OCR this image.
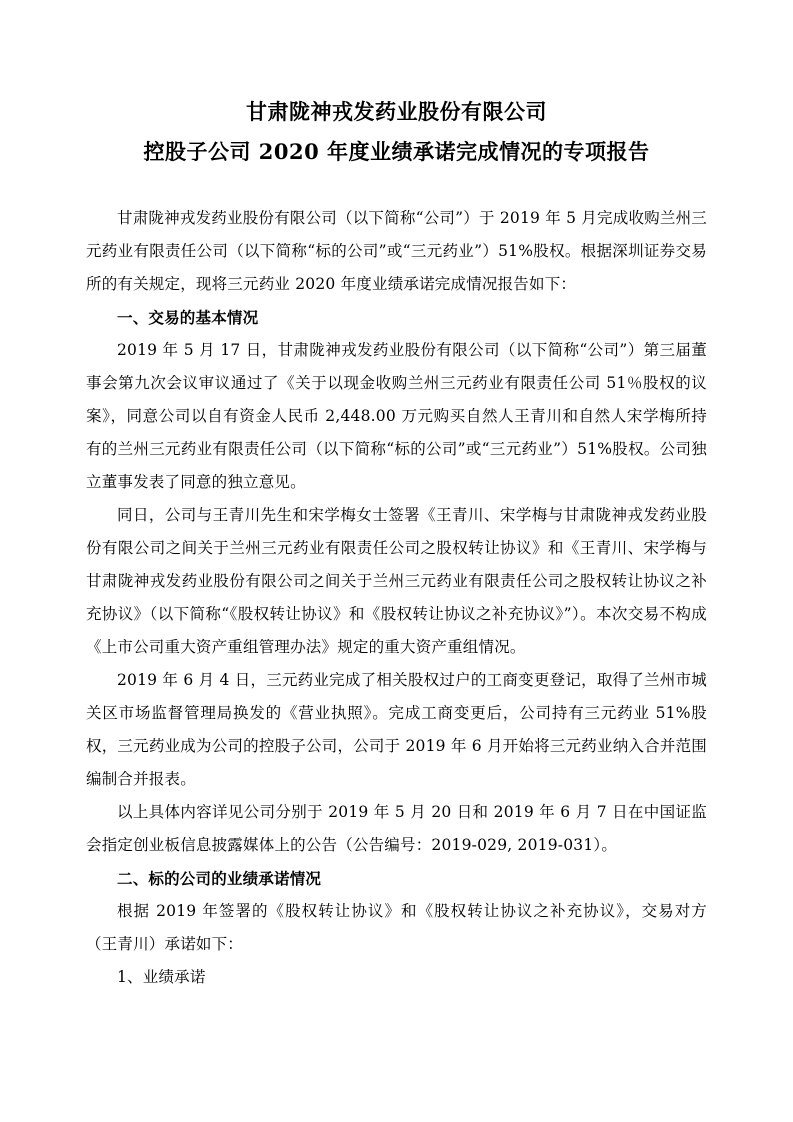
甘肃陇神戎发药业股份有限公司
控股子公司 2020 年度业绩承诺完成情况的专项报告

甘肃陇神戎发药业股份有限公司（以下简称“公司”）于 2019 年 5 月完成收购兰州三元药业有限责任公司（以下简称“标的公司”或“三元药业”）51%股权。根据深圳证券交易所的有关规定，现将三元药业 2020 年度业绩承诺完成情况报告如下：

一、交易的基本情况

2019 年 5 月 17 日，甘肃陇神戎发药业股份有限公司（以下简称“公司”）第三届董事会第九次会议审议通过了《关于以现金收购兰州三元药业有限责任公司 51％股权的议案》，同意公司以自有资金人民币 2,448.00 万元购买自然人王青川和自然人宋学梅所持有的兰州三元药业有限责任公司（以下简称“标的公司”或“三元药业”）51%股权。公司独立董事发表了同意的独立意见。

同日，公司与王青川先生和宋学梅女士签署《王青川、宋学梅与甘肃陇神戎发药业股份有限公司之间关于兰州三元药业有限责任公司之股权转让协议》和《王青川、宋学梅与甘肃陇神戎发药业股份有限公司之间关于兰州三元药业有限责任公司之股权转让协议之补充协议》（以下简称“《股权转让协议》和《股权转让协议之补充协议》”）。本次交易不构成《上市公司重大资产重组管理办法》规定的重大资产重组情况。

2019 年 6 月 4 日，三元药业完成了相关股权过户的工商变更登记，取得了兰州市城关区市场监督管理局换发的《营业执照》。完成工商变更后，公司持有三元药业 51%股权，三元药业成为公司的控股子公司，公司于 2019 年 6 月开始将三元药业纳入合并范围编制合并报表。

以上具体内容详见公司分别于 2019 年 5 月 20 日和 2019 年 6 月 7 日在中国证监会指定创业板信息披露媒体上的公告（公告编号：2019-029, 2019-031）。

二、标的公司的业绩承诺情况

根据 2019 年签署的《股权转让协议》和《股权转让协议之补充协议》，交易对方（王青川）承诺如下：

1、业绩承诺
